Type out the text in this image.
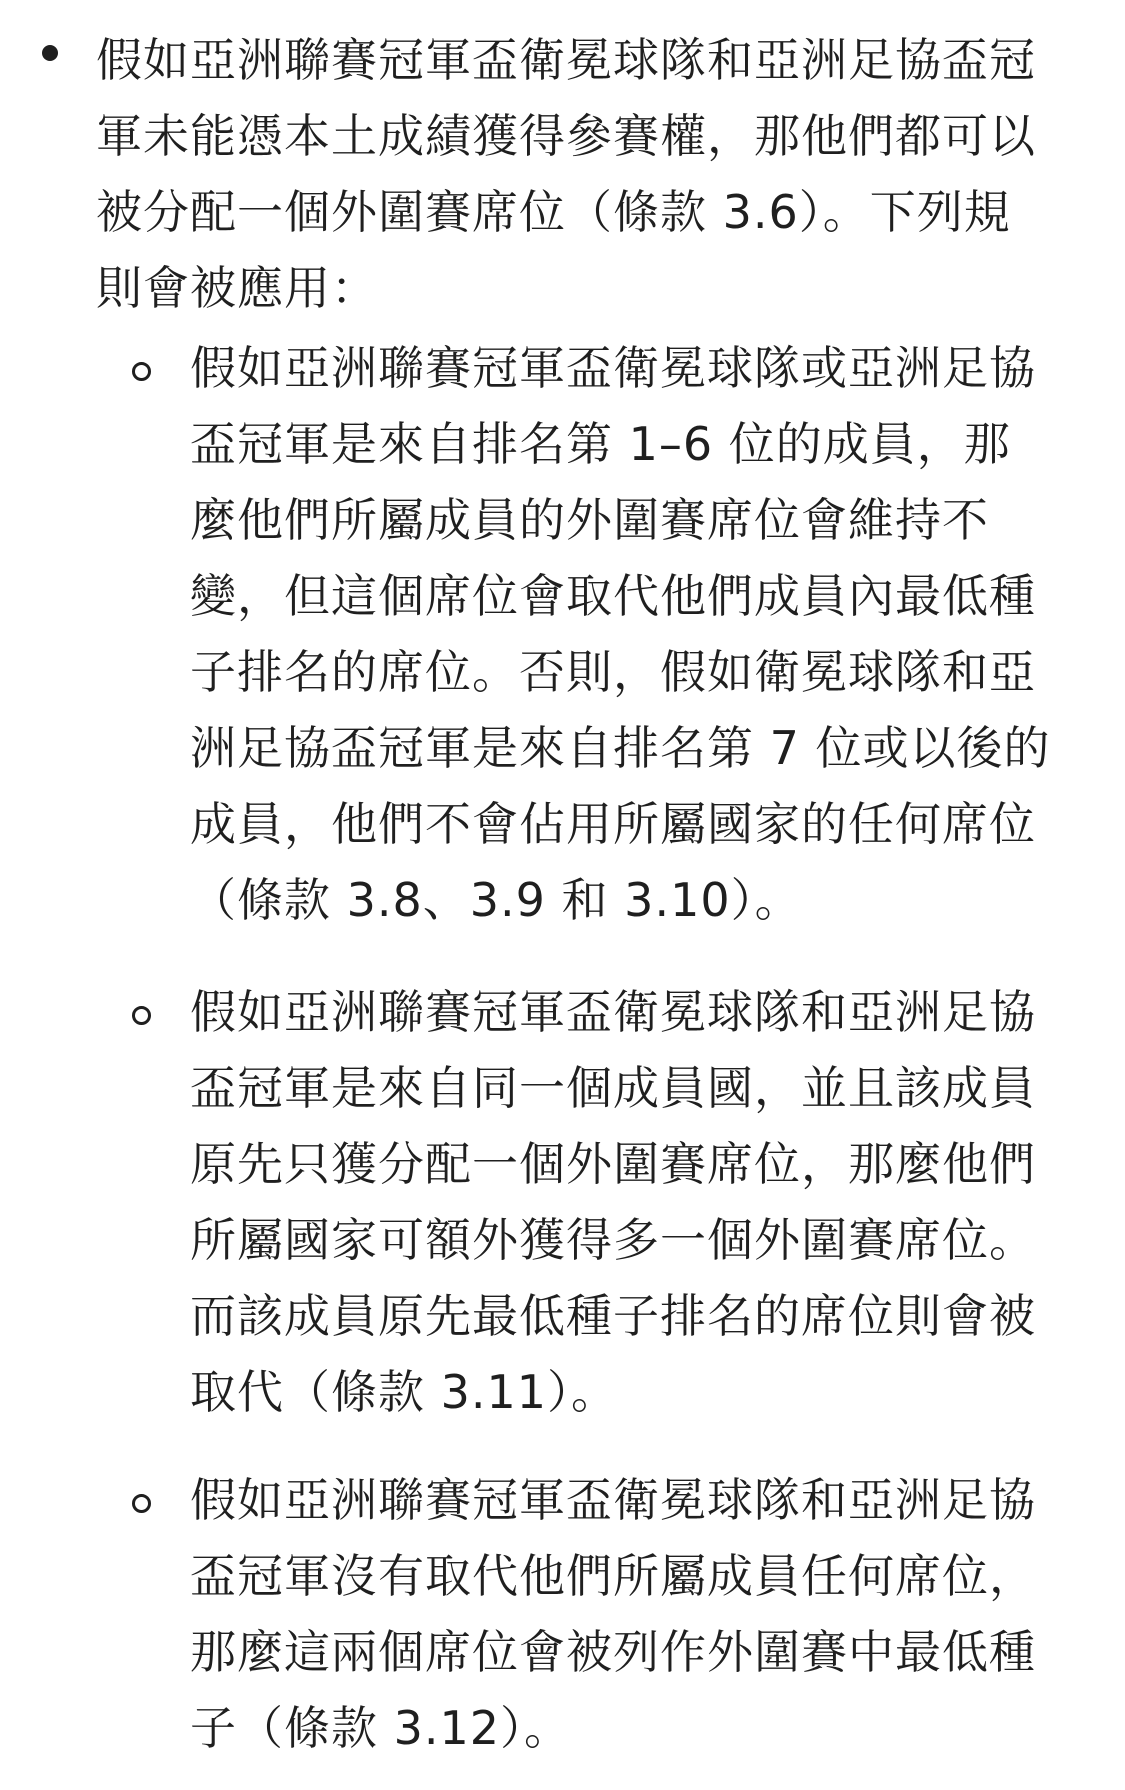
假如亞洲聯賽冠軍盃衛冕球隊和亞洲足協盃冠
軍未能憑本土成績獲得參賽權，那他們都可以
被分配一個外圍賽席位（條款 3.6）。下列規
則會被應用：
假如亞洲聯賽冠軍盃衛冕球隊或亞洲足協
盃冠軍是來自排名第 1–6 位的成員，那
麼他們所屬成員的外圍賽席位會維持不
變，但這個席位會取代他們成員內最低種
子排名的席位。否則，假如衛冕球隊和亞
洲足協盃冠軍是來自排名第 7 位或以後的
成員，他們不會佔用所屬國家的任何席位
（條款 3.8、3.9 和 3.10）。
假如亞洲聯賽冠軍盃衛冕球隊和亞洲足協
盃冠軍是來自同一個成員國，並且該成員
原先只獲分配一個外圍賽席位，那麼他們
所屬國家可額外獲得多一個外圍賽席位。
而該成員原先最低種子排名的席位則會被
取代（條款 3.11）。
假如亞洲聯賽冠軍盃衛冕球隊和亞洲足協
盃冠軍沒有取代他們所屬成員任何席位，
那麼這兩個席位會被列作外圍賽中最低種
子（條款 3.12）。
